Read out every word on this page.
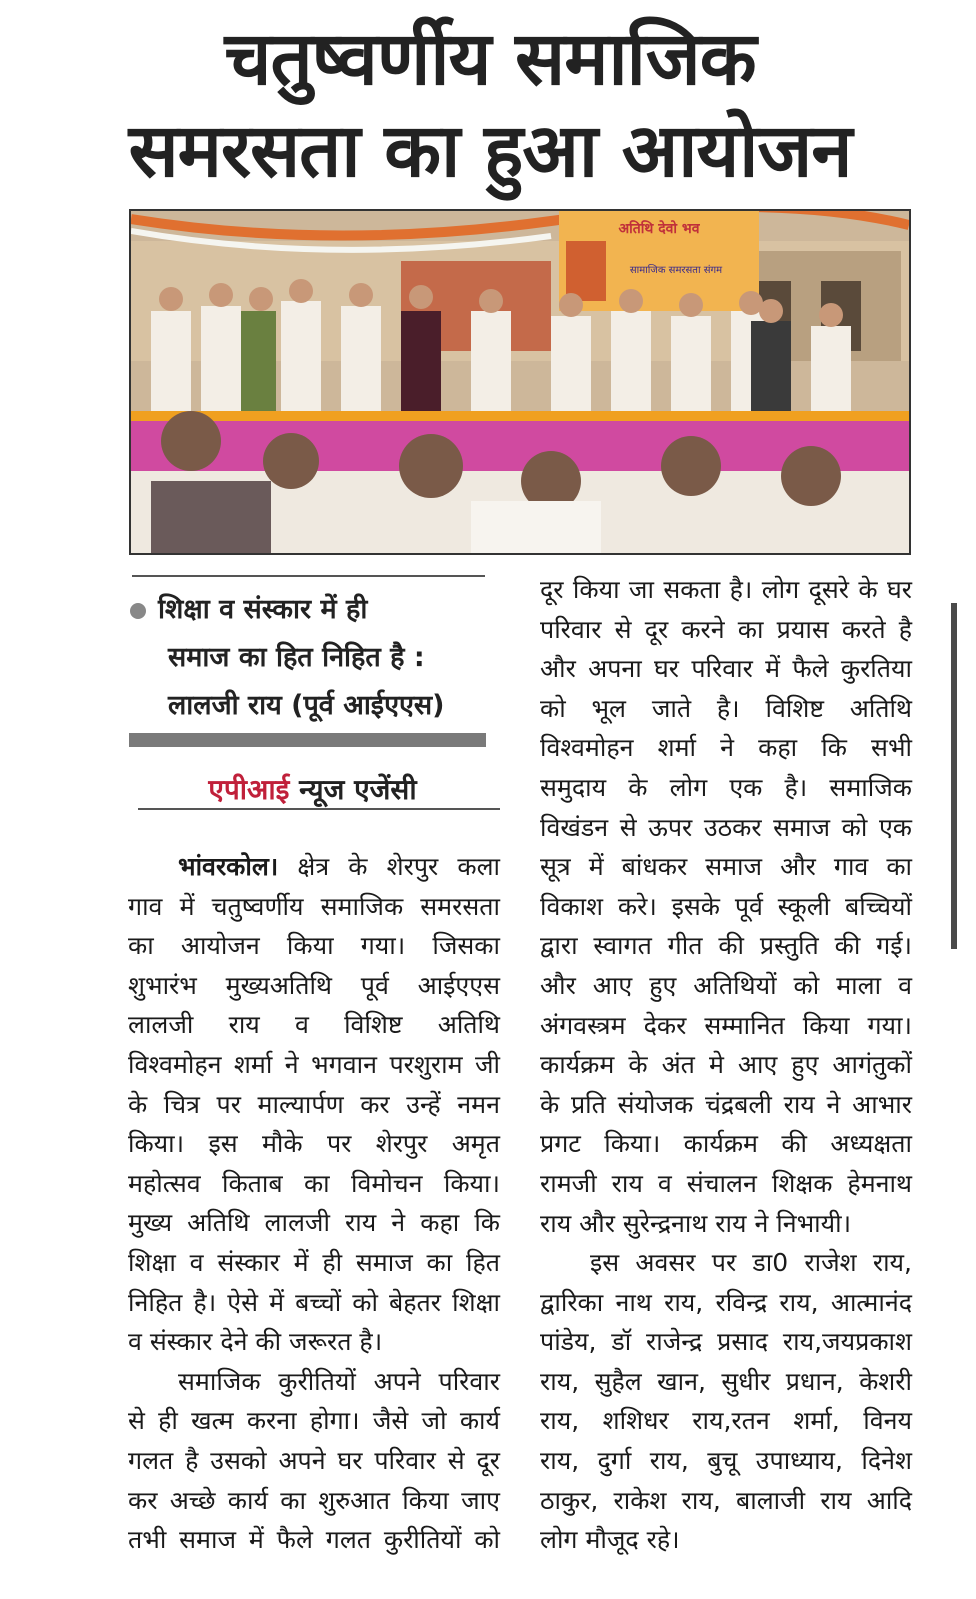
चतुष्वर्णीय समाजिक
समरसता का हुआ आयोजन
अतिथि देवो भव
सामाजिक समरसता संगम
शिक्षा व संस्कार में ही
समाज का हित निहित है :
लालजी राय (पूर्व आईएएस)
एपीआई न्यूज एजेंसी

भांवरकोल। क्षेत्र के शेरपुर कला

गाव में चतुष्वर्णीय समाजिक समरसता

का आयोजन किया गया। जिसका

शुभारंभ मुख्यअतिथि पूर्व आईएएस

लालजी राय व विशिष्ट अतिथि

विश्वमोहन शर्मा ने भगवान परशुराम जी

के चित्र पर माल्यार्पण कर उन्हें नमन

किया। इस मौके पर शेरपुर अमृत

महोत्सव किताब का विमोचन किया।

मुख्य अतिथि लालजी राय ने कहा कि

शिक्षा व संस्कार में ही समाज का हित

निहित है। ऐसे में बच्चों को बेहतर शिक्षा

व संस्कार देने की जरूरत है।

समाजिक कुरीतियों अपने परिवार

से ही खत्म करना होगा। जैसे जो कार्य

गलत है उसको अपने घर परिवार से दूर

कर अच्छे कार्य का शुरुआत किया जाए

तभी समाज में फैले गलत कुरीतियों को

दूर किया जा सकता है। लोग दूसरे के घर

परिवार से दूर करने का प्रयास करते है

और अपना घर परिवार में फैले कुरतिया

को भूल जाते है। विशिष्ट अतिथि

विश्वमोहन शर्मा ने कहा कि सभी

समुदाय के लोग एक है। समाजिक

विखंडन से ऊपर उठकर समाज को एक

सूत्र में बांधकर समाज और गाव का

विकाश करे। इसके पूर्व स्कूली बच्चियों

द्वारा स्वागत गीत की प्रस्तुति की गई।

और आए हुए अतिथियों को माला व

अंगवस्त्रम देकर सम्मानित किया गया।

कार्यक्रम के अंत मे आए हुए आगंतुकों

के प्रति संयोजक चंद्रबली राय ने आभार

प्रगट किया। कार्यक्रम की अध्यक्षता

रामजी राय व संचालन शिक्षक हेमनाथ

राय और सुरेन्द्रनाथ राय ने निभायी।

इस अवसर पर डा0 राजेश राय,

द्वारिका नाथ राय, रविन्द्र राय, आत्मानंद

पांडेय, डॉ राजेन्द्र प्रसाद राय,जयप्रकाश

राय, सुहैल खान, सुधीर प्रधान, केशरी

राय, शशिधर राय,रतन शर्मा, विनय

राय, दुर्गा राय, बुचू उपाध्याय, दिनेश

ठाकुर, राकेश राय, बालाजी राय आदि

लोग मौजूद रहे।
